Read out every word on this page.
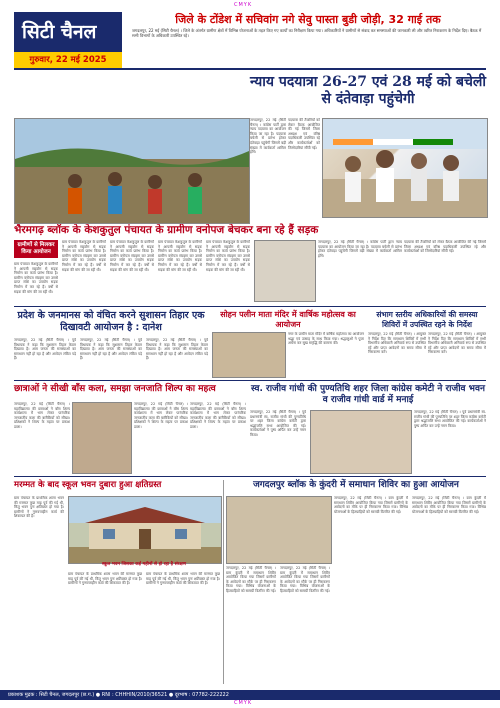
CMYK
CMYK
सिटी चैनल
गुरुवार, 22 मई 2025
जिले के टोंडेश में सचिवांग नगे सेवु पास्ता बुडी जोड़ी, 32 गाई तक
जगदलपुर, 22 मई (सिटी चैनल) । जिले के अंतर्गत ग्रामीण क्षेत्रों में विभिन्न योजनाओं के तहत किए गए कार्यों का निरीक्षण किया गया। अधिकारियों ने ग्रामीणों से संवाद कर समस्याओं की जानकारी ली और त्वरित निराकरण के निर्देश दिए। बैठक में सभी विभागों के अधिकारी उपस्थित रहे।
न्याय पदयात्रा 26-27 एवं 28 मई को बचेली से दंतेवाड़ा पहुंचेगी
जगदलपुर, 22 मई (सिटी चैनल) । कांग्रेस पार्टी द्वारा न्याय पदयात्रा का आयोजन किया जा रहा है। पदयात्रा बचेली से प्रारंभ होकर दंतेवाड़ा पहुंचेगी जिसमें बड़ी संख्या में कार्यकर्ता शामिल होंगे।
पदयात्रा की तैयारियों को लेकर बैठक आयोजित की गई जिसमें जिला अध्यक्ष एवं वरिष्ठ पदाधिकारी उपस्थित रहे और कार्यकर्ताओं को जिम्मेदारियां सौंपी गईं।
भैरमगढ़ ब्लॉक के केशकुतुल पंचायत के ग्रामीण वनोपज बेचकर बना रहे हैं सड़क
ग्रामीणों से मिलकर किया आयोजन
ग्राम पंचायत केशकुतुल के ग्रामीणों ने आपसी सहयोग से सड़क निर्माण का कार्य प्रारंभ किया है। ग्रामीण वनोपज संग्रहण कर उससे प्राप्त राशि का उपयोग सड़क निर्माण में कर रहे हैं। वर्षों से सड़क की मांग की जा रही थी।
ग्राम पंचायत केशकुतुल के ग्रामीणों ने आपसी सहयोग से सड़क निर्माण का कार्य प्रारंभ किया है। ग्रामीण वनोपज संग्रहण कर उससे प्राप्त राशि का उपयोग सड़क निर्माण में कर रहे हैं। वर्षों से सड़क की मांग की जा रही थी।
ग्राम पंचायत केशकुतुल के ग्रामीणों ने आपसी सहयोग से सड़क निर्माण का कार्य प्रारंभ किया है। ग्रामीण वनोपज संग्रहण कर उससे प्राप्त राशि का उपयोग सड़क निर्माण में कर रहे हैं। वर्षों से सड़क की मांग की जा रही थी।
ग्राम पंचायत केशकुतुल के ग्रामीणों ने आपसी सहयोग से सड़क निर्माण का कार्य प्रारंभ किया है। ग्रामीण वनोपज संग्रहण कर उससे प्राप्त राशि का उपयोग सड़क निर्माण में कर रहे हैं। वर्षों से सड़क की मांग की जा रही थी।
ग्राम पंचायत केशकुतुल के ग्रामीणों ने आपसी सहयोग से सड़क निर्माण का कार्य प्रारंभ किया है। ग्रामीण वनोपज संग्रहण कर उससे प्राप्त राशि का उपयोग सड़क निर्माण में कर रहे हैं। वर्षों से सड़क की मांग की जा रही थी।
जगदलपुर, 22 मई (सिटी चैनल) । कांग्रेस पार्टी द्वारा न्याय पदयात्रा का आयोजन किया जा रहा है। पदयात्रा बचेली से प्रारंभ होकर दंतेवाड़ा पहुंचेगी जिसमें बड़ी संख्या में कार्यकर्ता शामिल होंगे।
पदयात्रा की तैयारियों को लेकर बैठक आयोजित की गई जिसमें जिला अध्यक्ष एवं वरिष्ठ पदाधिकारी उपस्थित रहे और कार्यकर्ताओं को जिम्मेदारियां सौंपी गईं।
प्रदेश के जनमानस को वंचित करने सुशासन तिहार एक दिखावटी आयोजन है : दानेश
जगदलपुर, 22 मई (सिटी चैनल) । पूर्व विधायक ने कहा कि सुशासन तिहार केवल दिखावा है। आम जनता की समस्याओं का समाधान नहीं हो रहा है और आवेदन लंबित पड़े हैं।
जगदलपुर, 22 मई (सिटी चैनल) । पूर्व विधायक ने कहा कि सुशासन तिहार केवल दिखावा है। आम जनता की समस्याओं का समाधान नहीं हो रहा है और आवेदन लंबित पड़े हैं।
जगदलपुर, 22 मई (सिटी चैनल) । पूर्व विधायक ने कहा कि सुशासन तिहार केवल दिखावा है। आम जनता की समस्याओं का समाधान नहीं हो रहा है और आवेदन लंबित पड़े हैं।
सोहन पलीन माता मंदिर में वार्षिक महोत्सव का आयोजन
नगर के प्राचीन माता मंदिर में वार्षिक महोत्सव का आयोजन श्रद्धा एवं उत्साह के साथ किया गया। श्रद्धालुओं ने पूजा अर्चना कर सुख समृद्धि की कामना की।
संभाग स्तरीय अधिकारियों की समस्या शिविरों में उपस्थित रहने के निर्देश
जगदलपुर, 22 मई (सिटी चैनल) । आयुक्त ने निर्देश दिए कि समाधान शिविरों में सभी विभागीय अधिकारी अनिवार्य रूप से उपस्थित रहें और प्राप्त आवेदनों का समय सीमा में निराकरण करें।
जगदलपुर, 22 मई (सिटी चैनल) । आयुक्त ने निर्देश दिए कि समाधान शिविरों में सभी विभागीय अधिकारी अनिवार्य रूप से उपस्थित रहें और प्राप्त आवेदनों का समय सीमा में निराकरण करें।
छात्राओं ने सीखी बाँस कला, समझा जनजाति शिल्प का महत्व
जगदलपुर, 22 मई (सिटी चैनल) । महाविद्यालय की छात्राओं ने बाँस शिल्प कार्यशाला में भाग लेकर पारंपरिक जनजातीय कला की बारीकियों को सीखा। प्रशिक्षकों ने शिल्प के महत्व पर प्रकाश डाला।
जगदलपुर, 22 मई (सिटी चैनल) । महाविद्यालय की छात्राओं ने बाँस शिल्प कार्यशाला में भाग लेकर पारंपरिक जनजातीय कला की बारीकियों को सीखा। प्रशिक्षकों ने शिल्प के महत्व पर प्रकाश डाला।
जगदलपुर, 22 मई (सिटी चैनल) । महाविद्यालय की छात्राओं ने बाँस शिल्प कार्यशाला में भाग लेकर पारंपरिक जनजातीय कला की बारीकियों को सीखा। प्रशिक्षकों ने शिल्प के महत्व पर प्रकाश डाला।
स्व. राजीव गांधी की पुण्यतिथि शहर जिला कांग्रेस कमेटी ने राजीव भवन व राजीव गांधी वार्ड में मनाई
जगदलपुर, 22 मई (सिटी चैनल) । पूर्व प्रधानमंत्री स्व. राजीव गांधी की पुण्यतिथि पर शहर जिला कांग्रेस कमेटी द्वारा श्रद्धांजलि सभा आयोजित की गई। कार्यकर्ताओं ने पुष्प अर्पित कर उन्हें नमन किया।
जगदलपुर, 22 मई (सिटी चैनल) । पूर्व प्रधानमंत्री स्व. राजीव गांधी की पुण्यतिथि पर शहर जिला कांग्रेस कमेटी द्वारा श्रद्धांजलि सभा आयोजित की गई। कार्यकर्ताओं ने पुष्प अर्पित कर उन्हें नमन किया।
मरम्मत के बाद स्कूल भवन दुबारा हुआ क्षतिग्रस्त
ग्राम पंचायत के प्राथमिक शाला भवन की मरम्मत कुछ माह पूर्व की गई थी, किंतु भवन पुनः क्षतिग्रस्त हो गया है। ग्रामीणों ने गुणवत्ताहीन कार्य की शिकायत की है।
स्कूल भवन जिसका कई महीनों से हो रहा है संरक्षण
ग्राम पंचायत के प्राथमिक शाला भवन की मरम्मत कुछ माह पूर्व की गई थी, किंतु भवन पुनः क्षतिग्रस्त हो गया है। ग्रामीणों ने गुणवत्ताहीन कार्य की शिकायत की है।
ग्राम पंचायत के प्राथमिक शाला भवन की मरम्मत कुछ माह पूर्व की गई थी, किंतु भवन पुनः क्षतिग्रस्त हो गया है। ग्रामीणों ने गुणवत्ताहीन कार्य की शिकायत की है।
जगदलपुर ब्लॉक के कुंदरी में समाधान शिविर का हुआ आयोजन
जगदलपुर, 22 मई (सिटी चैनल) । ग्राम कुंदरी में समाधान शिविर आयोजित किया गया जिसमें ग्रामीणों के आवेदनों का मौके पर ही निराकरण किया गया। विभिन्न योजनाओं के हितग्राहियों को सामग्री वितरित की गई।
जगदलपुर, 22 मई (सिटी चैनल) । ग्राम कुंदरी में समाधान शिविर आयोजित किया गया जिसमें ग्रामीणों के आवेदनों का मौके पर ही निराकरण किया गया। विभिन्न योजनाओं के हितग्राहियों को सामग्री वितरित की गई।
जगदलपुर, 22 मई (सिटी चैनल) । ग्राम कुंदरी में समाधान शिविर आयोजित किया गया जिसमें ग्रामीणों के आवेदनों का मौके पर ही निराकरण किया गया। विभिन्न योजनाओं के हितग्राहियों को सामग्री वितरित की गई।
जगदलपुर, 22 मई (सिटी चैनल) । ग्राम कुंदरी में समाधान शिविर आयोजित किया गया जिसमें ग्रामीणों के आवेदनों का मौके पर ही निराकरण किया गया। विभिन्न योजनाओं के हितग्राहियों को सामग्री वितरित की गई।
प्रकाशक मुद्रक : सिटी चैनल, जगदलपुर (छ.ग.) ● RNI : CHHHIN/2010/36521 ● दूरभाष : 07782-222222
